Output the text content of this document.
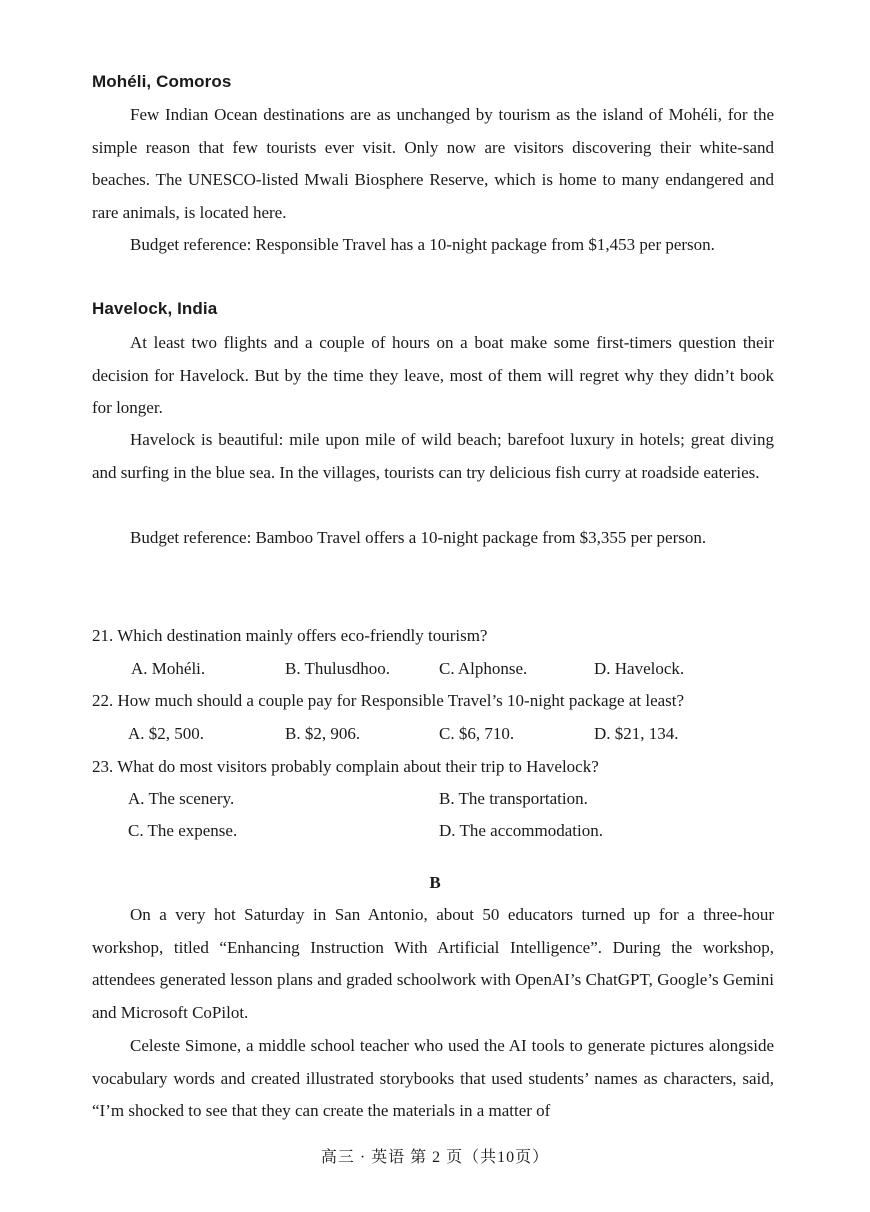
Mohéli, Comoros

Few Indian Ocean destinations are as unchanged by tourism as the island of Mohéli, for the simple reason that few tourists ever visit. Only now are visitors discovering their white-sand beaches. The UNESCO-listed Mwali Biosphere Reserve, which is home to many endangered and rare animals, is located here.

Budget reference: Responsible Travel has a 10-night package from $1,453 per person.

Havelock, India

At least two flights and a couple of hours on a boat make some first-timers question their decision for Havelock. But by the time they leave, most of them will regret why they didn’t book for longer.

Havelock is beautiful: mile upon mile of wild beach; barefoot luxury in hotels; great diving and surfing in the blue sea. In the villages, tourists can try delicious fish curry at roadside eateries.

Budget reference: Bamboo Travel offers a 10-night package from $3,355 per person.

21. Which destination mainly offers eco-friendly tourism?
A. Mohéli.	B. Thulusdhoo.	C. Alphonse.	D. Havelock.
22. How much should a couple pay for Responsible Travel’s 10-night package at least?
A. $2, 500.	B. $2, 906.	C. $6, 710.	D. $21, 134.
23. What do most visitors probably complain about their trip to Havelock?
A. The scenery.	B. The transportation.
C. The expense.	D. The accommodation.
B

On a very hot Saturday in San Antonio, about 50 educators turned up for a three-hour workshop, titled “Enhancing Instruction With Artificial Intelligence”. During the workshop, attendees generated lesson plans and graded schoolwork with OpenAI’s ChatGPT, Google’s Gemini and Microsoft CoPilot.

Celeste Simone, a middle school teacher who used the AI tools to generate pictures alongside vocabulary words and created illustrated storybooks that used students’ names as characters, said, “I’m shocked to see that they can create the materials in a matter of

高三 · 英语 第 2 页（共10页）
